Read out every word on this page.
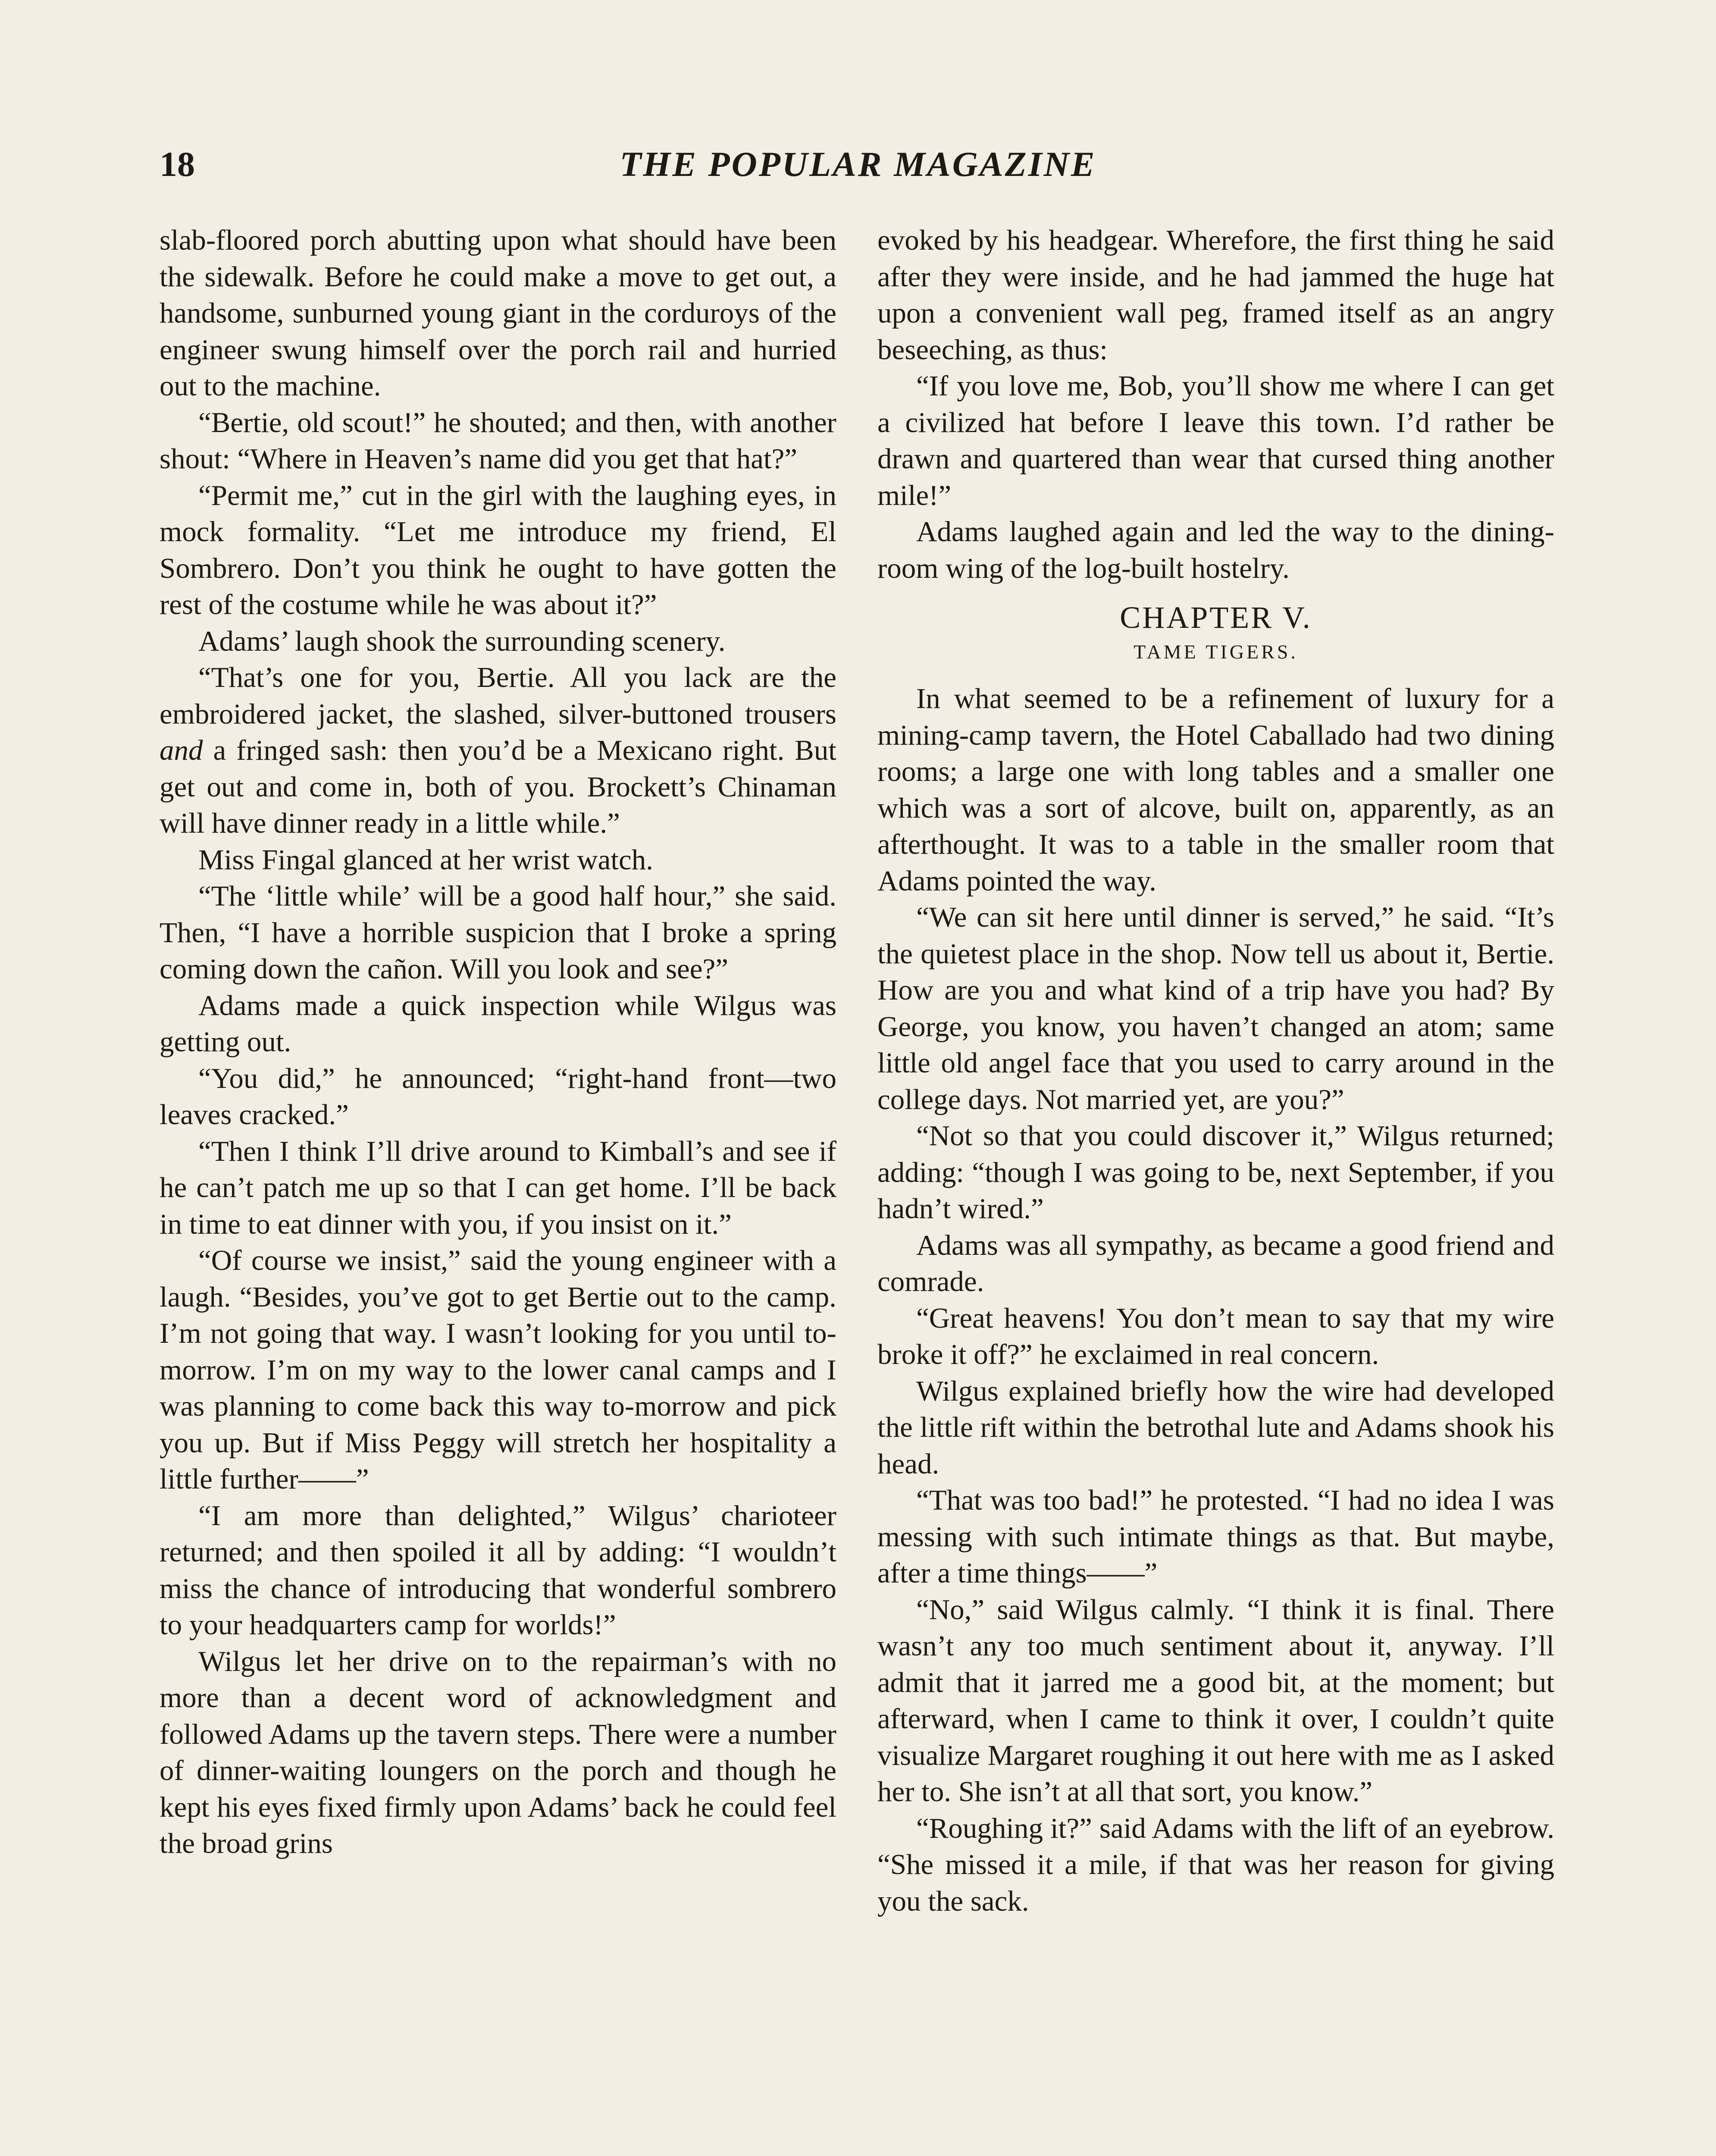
18	THE POPULAR MAGAZINE

slab-floored porch abutting upon what should have been the sidewalk. Before he could make a move to get out, a handsome, sunburned young giant in the corduroys of the engineer swung himself over the porch rail and hurried out to the machine.

“Bertie, old scout!” he shouted; and then, with another shout: “Where in Heaven’s name did you get that hat?”

“Permit me,” cut in the girl with the laughing eyes, in mock formality. “Let me introduce my friend, El Sombrero. Don’t you think he ought to have gotten the rest of the costume while he was about it?”

Adams’ laugh shook the surrounding scenery.

“That’s one for you, Bertie. All you lack are the embroidered jacket, the slashed, silver-buttoned trousers and a fringed sash: then you’d be a Mexicano right. But get out and come in, both of you. Brockett’s Chinaman will have dinner ready in a little while.”

Miss Fingal glanced at her wrist watch.

“The ‘little while’ will be a good half hour,” she said. Then, “I have a horrible suspicion that I broke a spring coming down the cañon. Will you look and see?”

Adams made a quick inspection while Wilgus was getting out.

“You did,” he announced; “right-hand front—two leaves cracked.”

“Then I think I’ll drive around to Kimball’s and see if he can’t patch me up so that I can get home. I’ll be back in time to eat dinner with you, if you insist on it.”

“Of course we insist,” said the young engineer with a laugh. “Besides, you’ve got to get Bertie out to the camp. I’m not going that way. I wasn’t looking for you until to-morrow. I’m on my way to the lower canal camps and I was planning to come back this way to-morrow and pick you up. But if Miss Peggy will stretch her hospitality a little further——”

“I am more than delighted,” Wilgus’ charioteer returned; and then spoiled it all by adding: “I wouldn’t miss the chance of introducing that wonderful sombrero to your headquarters camp for worlds!”

Wilgus let her drive on to the repairman’s with no more than a decent word of acknowledgment and followed Adams up the tavern steps. There were a number of dinner-waiting loungers on the porch and though he kept his eyes fixed firmly upon Adams’ back he could feel the broad grins

evoked by his headgear. Wherefore, the first thing he said after they were inside, and he had jammed the huge hat upon a convenient wall peg, framed itself as an angry beseeching, as thus:

“If you love me, Bob, you’ll show me where I can get a civilized hat before I leave this town. I’d rather be drawn and quartered than wear that cursed thing another mile!”

Adams laughed again and led the way to the dining-room wing of the log-built hostelry.

CHAPTER V.
TAME TIGERS.

In what seemed to be a refinement of luxury for a mining-camp tavern, the Hotel Caballado had two dining rooms; a large one with long tables and a smaller one which was a sort of alcove, built on, apparently, as an afterthought. It was to a table in the smaller room that Adams pointed the way.

“We can sit here until dinner is served,” he said. “It’s the quietest place in the shop. Now tell us about it, Bertie. How are you and what kind of a trip have you had? By George, you know, you haven’t changed an atom; same little old angel face that you used to carry around in the college days. Not married yet, are you?”

“Not so that you could discover it,” Wilgus returned; adding: “though I was going to be, next September, if you hadn’t wired.”

Adams was all sympathy, as became a good friend and comrade.

“Great heavens! You don’t mean to say that my wire broke it off?” he exclaimed in real concern.

Wilgus explained briefly how the wire had developed the little rift within the betrothal lute and Adams shook his head.

“That was too bad!” he protested. “I had no idea I was messing with such intimate things as that. But maybe, after a time things——”

“No,” said Wilgus calmly. “I think it is final. There wasn’t any too much sentiment about it, anyway. I’ll admit that it jarred me a good bit, at the moment; but afterward, when I came to think it over, I couldn’t quite visualize Margaret roughing it out here with me as I asked her to. She isn’t at all that sort, you know.”

“Roughing it?” said Adams with the lift of an eyebrow. “She missed it a mile, if that was her reason for giving you the sack.
